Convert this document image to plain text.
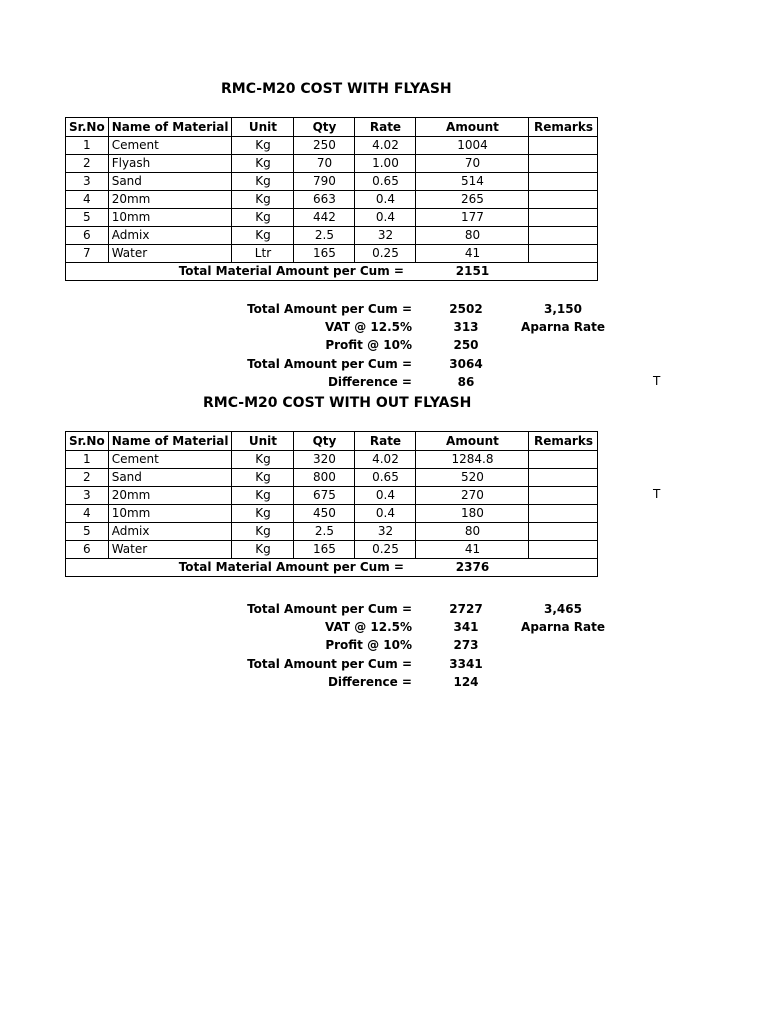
RMC-M20 COST WITH FLYASH
Sr.No	Name of Material	Unit	Qty	Rate	Amount	Remarks
1	Cement	Kg	250	4.02	1004	
2	Flyash	Kg	70	1.00	70	
3	Sand	Kg	790	0.65	514	
4	20mm	Kg	663	0.4	265	
5	10mm	Kg	442	0.4	177	
6	Admix	Kg	2.5	32	80	
7	Water	Ltr	165	0.25	41	
Total Material Amount per Cum =					2151	
Total Amount per Cum =	2502	3,150
VAT @ 12.5%	313	Aparna Rate
Profit @ 10%	250
Total Amount per Cum =	3064
Difference =	86	T
RMC-M20 COST WITH OUT FLYASH
Sr.No	Name of Material	Unit	Qty	Rate	Amount	Remarks
1	Cement	Kg	320	4.02	1284.8	
2	Sand	Kg	800	0.65	520	
3	20mm	Kg	675	0.4	270	
4	10mm	Kg	450	0.4	180	
5	Admix	Kg	2.5	32	80	
6	Water	Kg	165	0.25	41	
Total Material Amount per Cum =					2376	
T
Total Amount per Cum =	2727	3,465
VAT @ 12.5%	341	Aparna Rate
Profit @ 10%	273
Total Amount per Cum =	3341
Difference =	124
